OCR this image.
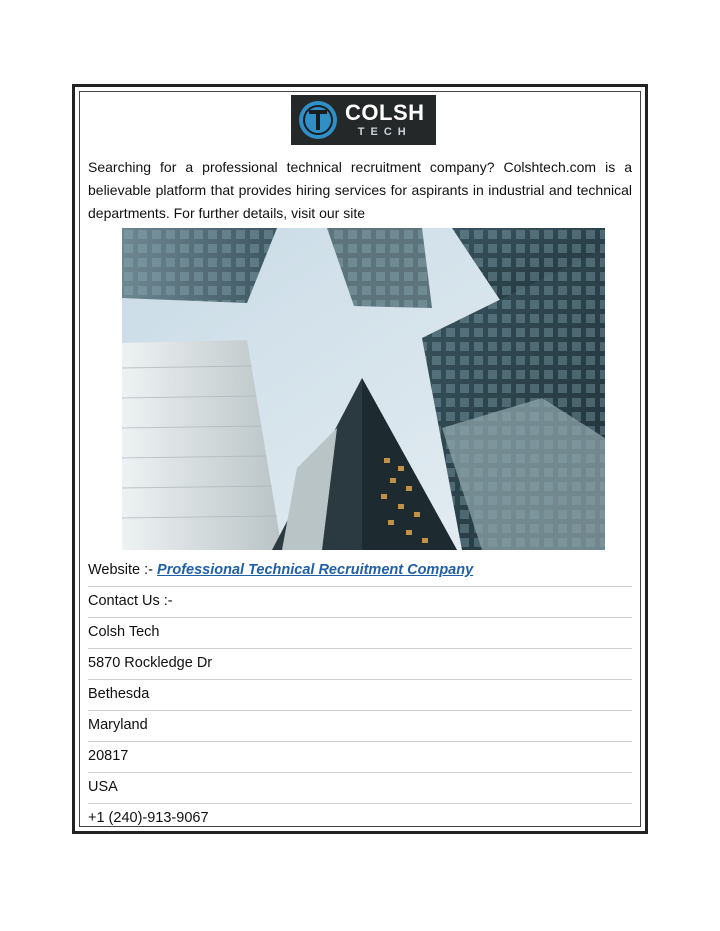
COLSH
TECH

Searching for a professional technical recruitment company? Colshtech.com is a believable platform that provides hiring services for aspirants in industrial and technical departments. For further details, visit our site

Website :- Professional Technical Recruitment Company
Contact Us :-
Colsh Tech
5870 Rockledge Dr
Bethesda
Maryland
20817
USA
+1 (240)-913-9067
